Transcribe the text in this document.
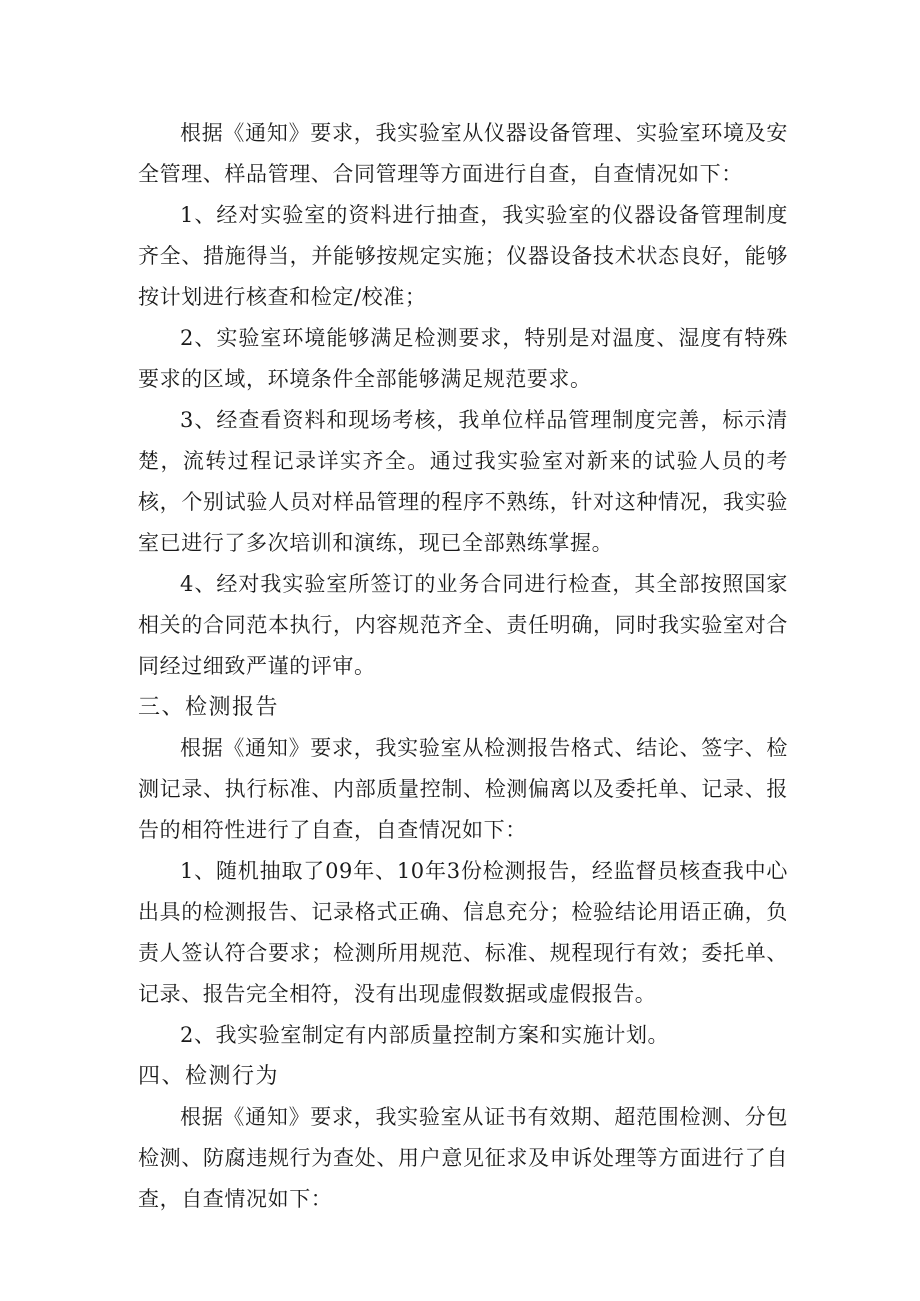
根据《通知》要求，我实验室从仪器设备管理、实验室环境及安全管理、样品管理、合同管理等方面进行自查，自查情况如下：

1、经对实验室的资料进行抽查，我实验室的仪器设备管理制度齐全、措施得当，并能够按规定实施；仪器设备技术状态良好，能够按计划进行核查和检定/校准；

2、实验室环境能够满足检测要求，特别是对温度、湿度有特殊要求的区域，环境条件全部能够满足规范要求。

3、经查看资料和现场考核，我单位样品管理制度完善，标示清楚，流转过程记录详实齐全。通过我实验室对新来的试验人员的考核，个别试验人员对样品管理的程序不熟练，针对这种情况，我实验室已进行了多次培训和演练，现已全部熟练掌握。

4、经对我实验室所签订的业务合同进行检查，其全部按照国家相关的合同范本执行，内容规范齐全、责任明确，同时我实验室对合同经过细致严谨的评审。

三、检测报告

根据《通知》要求，我实验室从检测报告格式、结论、签字、检测记录、执行标准、内部质量控制、检测偏离以及委托单、记录、报告的相符性进行了自查，自查情况如下：

1、随机抽取了09年、10年3份检测报告，经监督员核查我中心出具的检测报告、记录格式正确、信息充分；检验结论用语正确，负责人签认符合要求；检测所用规范、标准、规程现行有效；委托单、记录、报告完全相符，没有出现虚假数据或虚假报告。

2、我实验室制定有内部质量控制方案和实施计划。

四、检测行为

根据《通知》要求，我实验室从证书有效期、超范围检测、分包检测、防腐违规行为查处、用户意见征求及申诉处理等方面进行了自查，自查情况如下：
